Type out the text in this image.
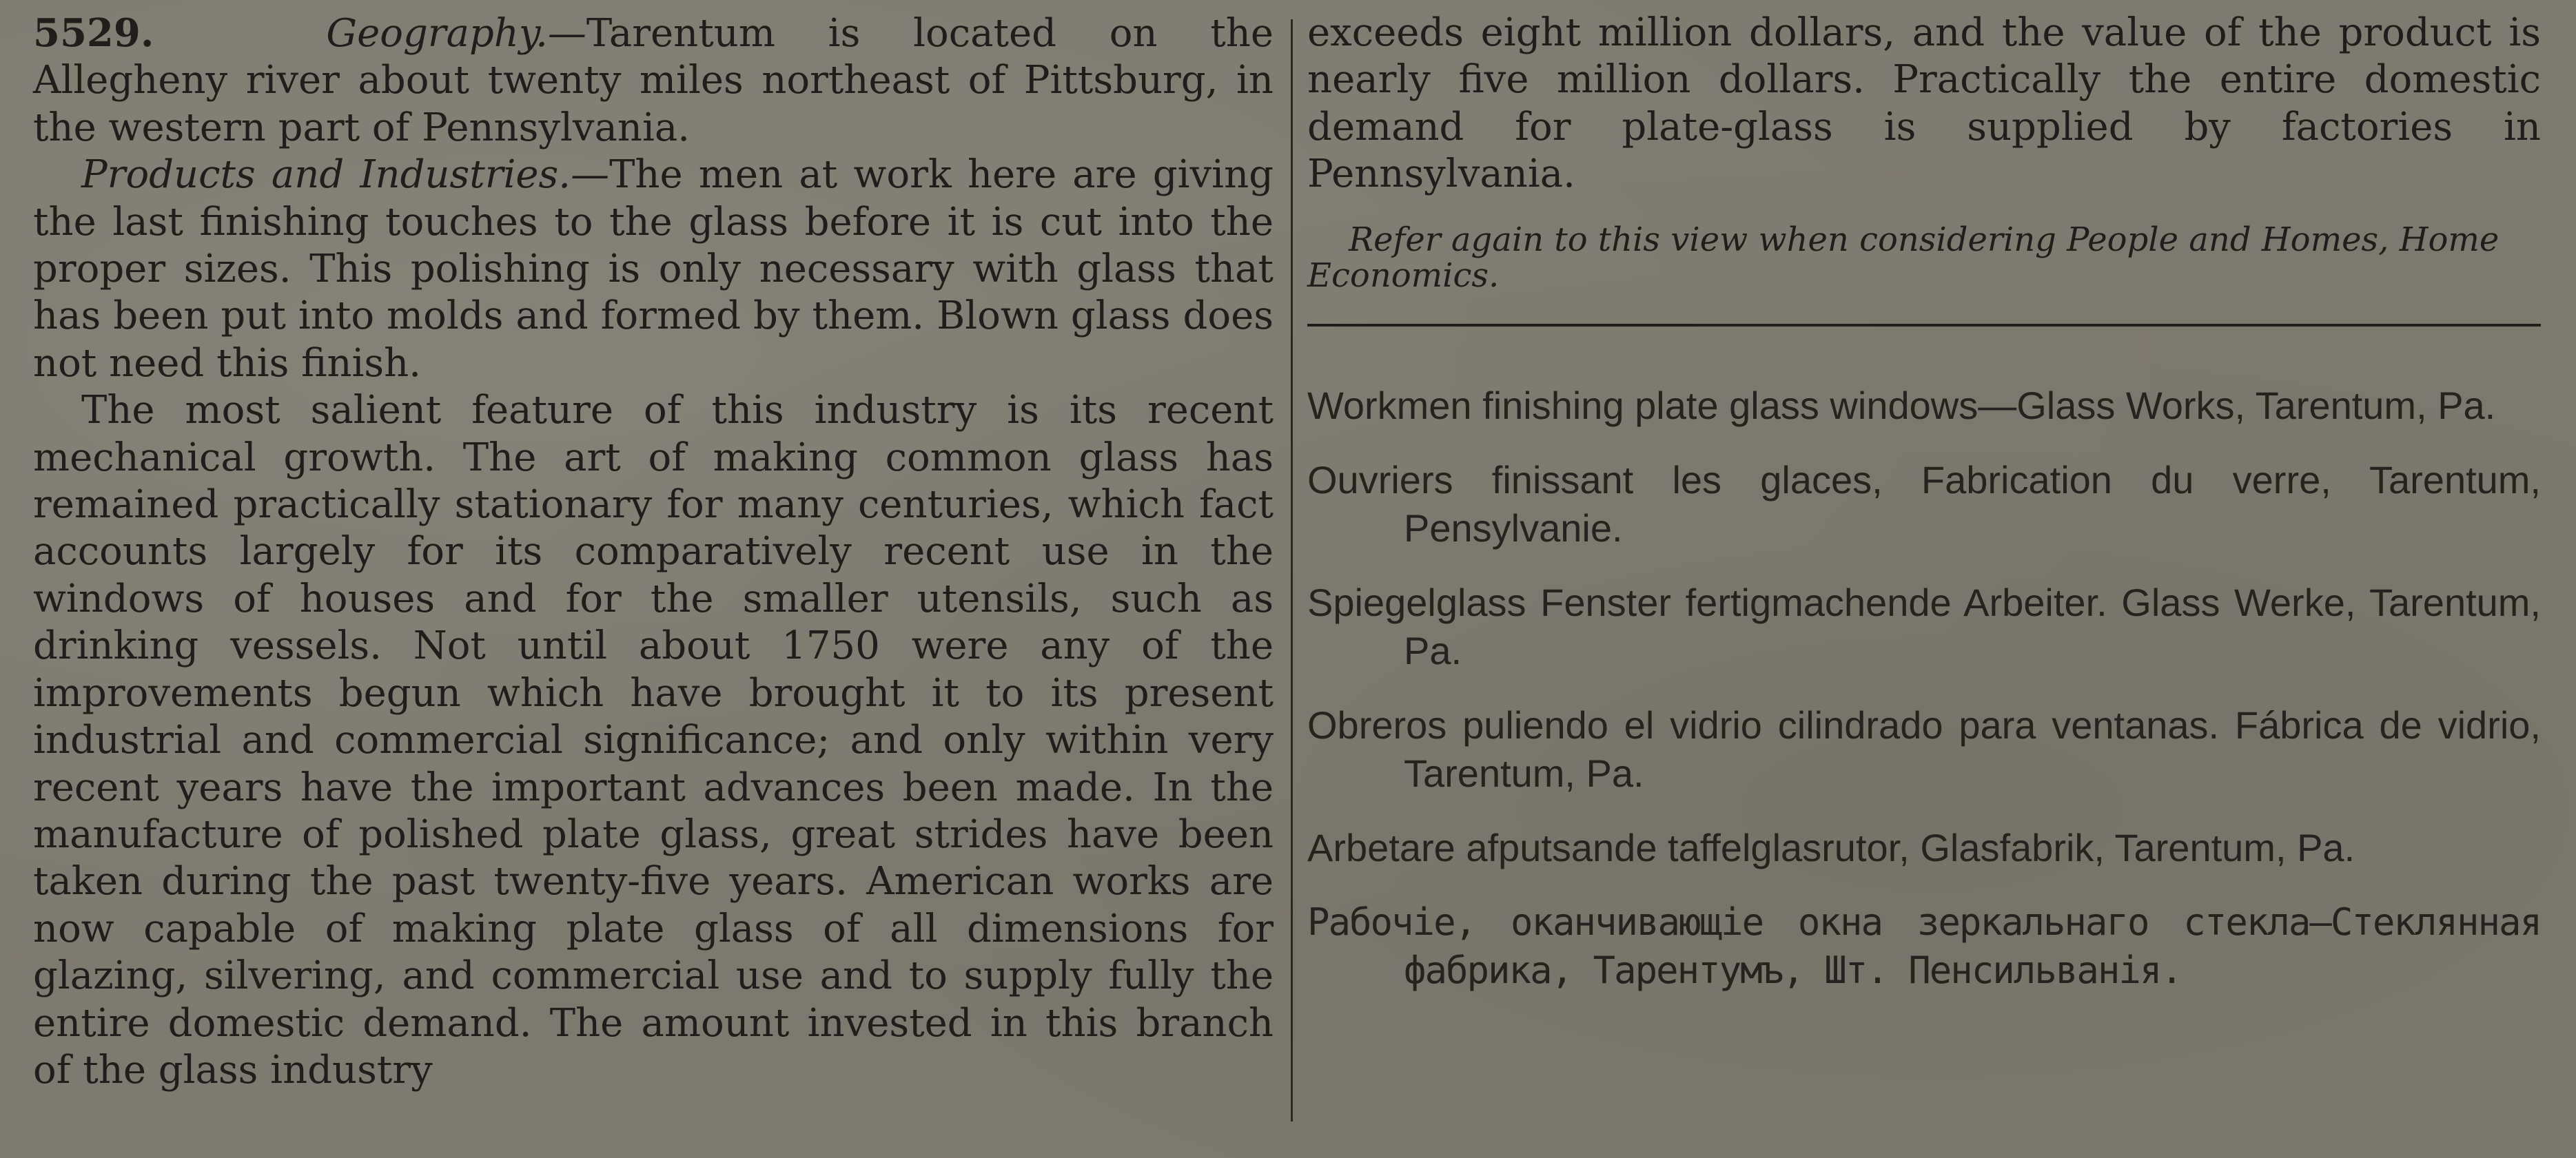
5529.	Geography.—Tarentum is located on the Allegheny river about twenty miles northeast of Pittsburg, in the western part of Pennsylvania.

Products and Industries.—The men at work here are giving the last finishing touches to the glass before it is cut into the proper sizes. This polishing is only necessary with glass that has been put into molds and formed by them. Blown glass does not need this finish.

The most salient feature of this industry is its recent mechanical growth. The art of making common glass has remained practically stationary for many centuries, which fact accounts largely for its comparatively recent use in the windows of houses and for the smaller utensils, such as drinking vessels. Not until about 1750 were any of the improvements begun which have brought it to its present industrial and commercial significance; and only within very recent years have the important advances been made. In the manufacture of polished plate glass, great strides have been taken during the past twenty-five years. American works are now capable of making plate glass of all dimensions for glazing, silvering, and commercial use and to supply fully the entire domestic demand. The amount invested in this branch of the glass industry

exceeds eight million dollars, and the value of the product is nearly five million dollars. Practically the entire domestic demand for plate-glass is supplied by factories in Pennsylvania.

Refer again to this view when considering People and Homes, Home Economics.

Workmen finishing plate glass windows—Glass Works, Tarentum, Pa.

Ouvriers finissant les glaces, Fabrication du verre, Tarentum, Pensylvanie.

Spiegelglass Fenster fertigmachende Arbeiter. Glass Werke, Tarentum, Pa.

Obreros puliendo el vidrio cilindrado para ventanas. Fábrica de vidrio, Tarentum, Pa.

Arbetare afputsande taffelglasrutor, Glasfabrik, Tarentum, Pa.

Рабочіе, оканчивающіе окна зеркальнаго стекла—Стеклянная фабрика, Тарентумъ, Шт. Пенсильванія.
